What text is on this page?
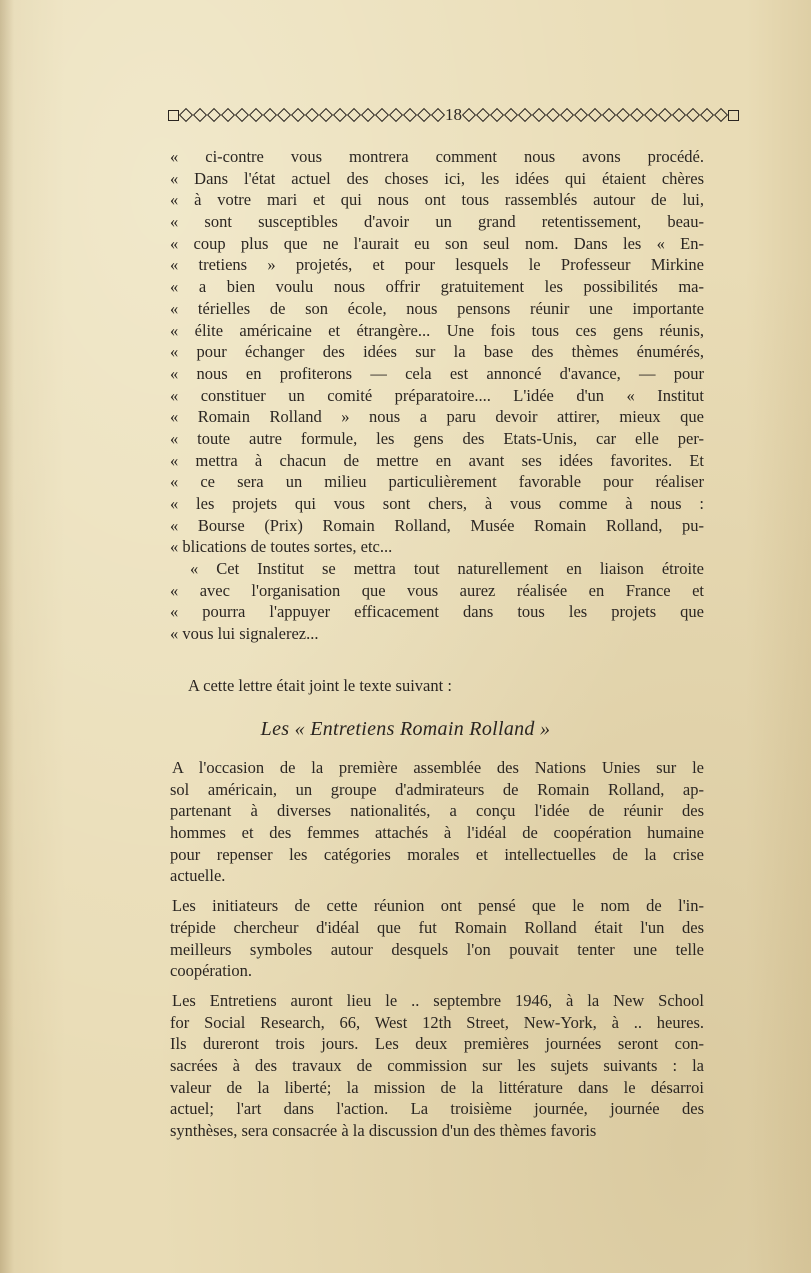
18
« ci-contre vous montrera comment nous avons procédé.
« Dans l'état actuel des choses ici, les idées qui étaient chères
« à votre mari et qui nous ont tous rassemblés autour de lui,
« sont susceptibles d'avoir un grand retentissement, beau-
« coup plus que ne l'aurait eu son seul nom. Dans les « En-
« tretiens » projetés, et pour lesquels le Professeur Mirkine
« a bien voulu nous offrir gratuitement les possibilités ma-
« térielles de son école, nous pensons réunir une importante
« élite américaine et étrangère... Une fois tous ces gens réunis,
« pour échanger des idées sur la base des thèmes énumérés,
« nous en profiterons — cela est annoncé d'avance, — pour
« constituer un comité préparatoire.... L'idée d'un « Institut
« Romain Rolland » nous a paru devoir attirer, mieux que
« toute autre formule, les gens des Etats-Unis, car elle per-
« mettra à chacun de mettre en avant ses idées favorites. Et
« ce sera un milieu particulièrement favorable pour réaliser
« les projets qui vous sont chers, à vous comme à nous :
« Bourse (Prix) Romain Rolland, Musée Romain Rolland, pu-
« blications de toutes sortes, etc...
« Cet Institut se mettra tout naturellement en liaison étroite
« avec l'organisation que vous aurez réalisée en France et
« pourra l'appuyer efficacement dans tous les projets que
« vous lui signalerez...
A cette lettre était joint le texte suivant :
Les « Entretiens Romain Rolland »
A l'occasion de la première assemblée des Nations Unies sur le
sol américain, un groupe d'admirateurs de Romain Rolland, ap-
partenant à diverses nationalités, a conçu l'idée de réunir des
hommes et des femmes attachés à l'idéal de coopération humaine
pour repenser les catégories morales et intellectuelles de la crise
actuelle.
Les initiateurs de cette réunion ont pensé que le nom de l'in-
trépide chercheur d'idéal que fut Romain Rolland était l'un des
meilleurs symboles autour desquels l'on pouvait tenter une telle
coopération.
Les Entretiens auront lieu le .. septembre 1946, à la New School
for Social Research, 66, West 12th Street, New-York, à .. heures.
Ils dureront trois jours. Les deux premières journées seront con-
sacrées à des travaux de commission sur les sujets suivants : la
valeur de la liberté; la mission de la littérature dans le désarroi
actuel; l'art dans l'action. La troisième journée, journée des
synthèses, sera consacrée à la discussion d'un des thèmes favoris
